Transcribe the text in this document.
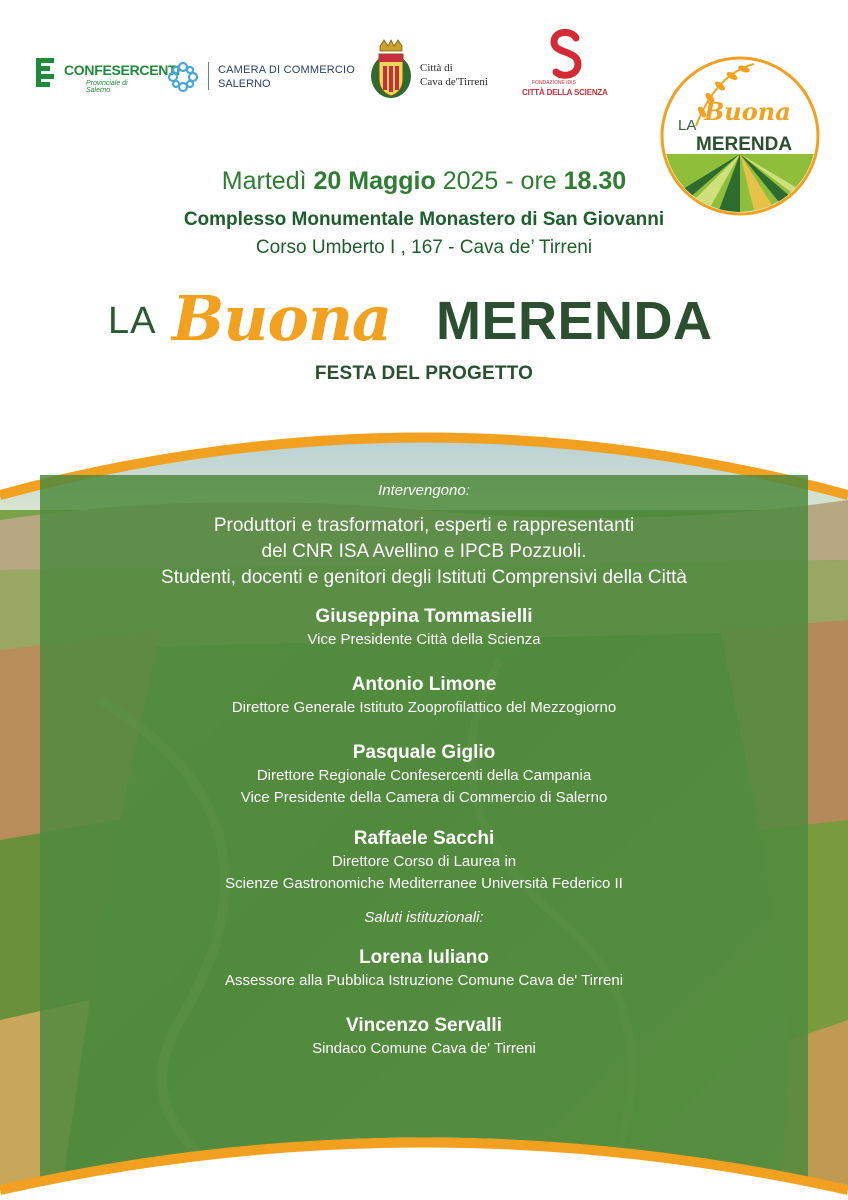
CONFESERCENTI
Provinciale di Salerno
CAMERA DI COMMERCIO
SALERNO
Città di
Cava de'Tirreni	FONDAZIONE IDIS
CITTÀ DELLA SCIENZA
LA Buona
MERENDA
Martedì 20 Maggio 2025 - ore 18.30
Complesso Monumentale Monastero di San Giovanni
Corso Umberto I , 167 - Cava de’ Tirreni
LA Buona MERENDA
FESTA DEL PROGETTO
Intervengono:
Produttori e trasformatori, esperti e rappresentanti
del CNR ISA Avellino e IPCB Pozzuoli.
Studenti, docenti e genitori degli Istituti Comprensivi della Città
Giuseppina Tommasielli
Vice Presidente Città della Scienza
Antonio Limone
Direttore Generale Istituto Zooprofilattico del Mezzogiorno
Pasquale Giglio
Direttore Regionale Confesercenti della Campania
Vice Presidente della Camera di Commercio di Salerno
Raffaele Sacchi
Direttore Corso di Laurea in
Scienze Gastronomiche Mediterranee Università Federico II
Saluti istituzionali:
Lorena Iuliano
Assessore alla Pubblica Istruzione Comune Cava de' Tirreni
Vincenzo Servalli
Sindaco Comune Cava de' Tirreni
